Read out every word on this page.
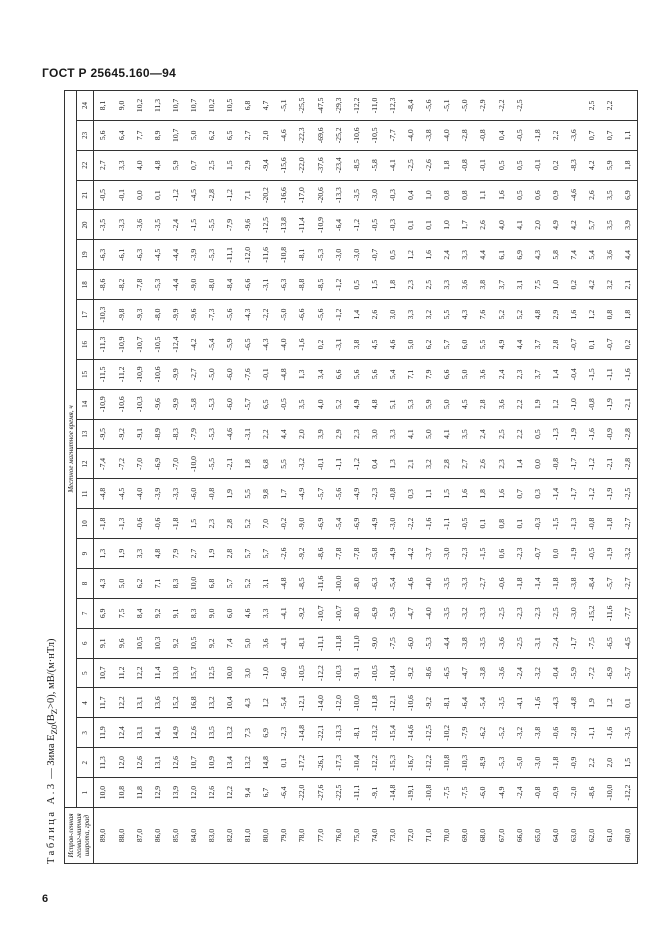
ГОСТ Р 25645.160—94
Таблица А.3 — Зима $E_{Z0}(B_Z>0)$, мВ/(м·нТл)
Исправ-ленная геомаг-нитная широта, град	Местное магнитное время, ч																							
	1	2	3	4	5	6	7	8	9	10	11	12	13	14	15	16	17	18	19	20	21	22	23	24
89,0	10,0	11,3	11,9	11,7	10,7	9,1	6,9	4,3	1,3	-1,8	-4,8	-7,4	-9,5	-10,9	-11,5	-11,3	-10,3	-8,6	-6,3	-3,5	-0,5	2,7	5,6	8,1
88,0	10,8	12,0	12,4	12,2	11,2	9,6	7,5	5,0	1,9	-1,3	-4,5	-7,2	-9,2	-10,6	-11,2	-10,9	-9,8	-8,2	-6,1	-3,3	-0,1	3,3	6,4	9,0
87,0	11,8	12,6	13,1	13,1	12,2	10,5	8,4	6,2	3,3	-0,6	-4,0	-7,0	-9,1	-10,3	-10,9	-10,7	-9,3	-7,8	-6,3	-3,6	0,0	4,0	7,7	10,2
86,0	12,9	13,1	14,1	13,6	11,4	10,3	9,2	7,1	4,8	-0,6	-3,9	-6,9	-8,9	-9,6	-10,6	-10,5	-8,0	-5,3	-4,5	-3,5	0,1	4,8	8,9	11,3
85,0	13,9	12,6	14,9	15,2	13,0	9,2	9,1	8,3	7,9	-1,8	-3,3	-7,0	-8,3	-9,9	-9,9	-12,4	-9,9	-4,4	-4,4	-2,4	-1,2	5,9	10,7	10,7
84,0	12,0	10,7	12,6	16,8	15,7	10,5	8,3	10,0	2,7	1,5	-6,0	-10,0	-7,9	-5,8	-2,7	-4,2	-9,6	-9,0	-3,9	-1,5	-4,5	0,7	5,0	10,7
83,0	12,6	10,9	13,5	13,2	12,5	9,2	9,0	6,8	1,9	2,3	-0,8	-5,5	-5,3	-5,3	-5,0	-5,4	-7,3	-8,0	-5,3	-5,5	-2,8	2,5	6,2	10,2
82,0	12,2	13,4	13,2	10,4	10,0	7,4	6,0	5,7	2,8	2,8	1,9	-2,1	-4,6	-6,0	-6,0	-5,9	-5,6	-8,4	-11,1	-7,9	-1,2	1,5	6,5	10,5
81,0	9,4	13,2	7,3	4,3	3,0	5,0	4,6	5,2	5,7	5,2	5,5	1,8	-3,1	-5,7	-7,6	-6,5	-4,3	-6,6	-12,0	-9,6	7,1	2,9	2,7	6,8
80,0	6,7	14,8	6,9	1,2	-1,0	3,6	3,3	3,1	5,7	7,0	9,8	6,8	2,2	6,5	-0,1	-4,3	-2,2	-3,1	-11,6	-12,5	-20,2	-9,4	2,0	4,7
79,0	-6,4	0,1	-2,3	-5,4	-6,0	-4,1	-4,1	-4,8	-2,6	-0,2	1,7	5,5	4,4	-0,5	-4,8	-4,0	-5,0	-6,3	-10,8	-13,8	-16,6	-15,6	-4,6	-5,1
78,0	-22,0	-17,2	-14,8	-12,1	-10,5	-8,1	-9,2	-8,5	-9,2	-9,0	-4,9	-3,2	2,0	3,5	1,3	-1,6	-6,6	-8,8	-8,1	-11,4	-17,0	-22,0	-22,3	-25,5
77,0	-27,6	-26,1	-22,1	-14,0	-12,2	-11,1	-10,7	-11,6	-8,6	-6,9	-5,7	-0,1	3,9	4,0	3,4	0,2	-5,6	-8,5	-5,3	-10,9	-20,6	-37,6	-69,6	-47,5
76,0	-22,5	-17,3	-13,3	-12,0	-10,3	-11,8	-10,7	-10,0	-7,8	-5,4	-5,6	-1,1	2,9	5,2	6,6	-3,1	-1,2	-1,2	-3,0	-6,4	-13,3	-23,4	-25,2	-29,3
75,0	-11,1	-10,4	-8,1	-10,0	-9,1	-11,0	-8,0	-8,0	-7,8	-6,9	-4,9	-1,2	2,3	4,9	5,6	3,8	1,4	0,5	-3,0	-1,2	-3,5	-8,5	-10,6	-12,2
74,0	-9,1	-12,2	-13,2	-11,8	-10,5	-9,0	-6,9	-6,3	-5,8	-4,9	-2,3	0,4	3,0	4,8	5,6	4,5	2,6	1,5	-0,7	-0,5	-3,0	-5,8	-10,5	-11,0
73,0	-14,8	-15,3	-15,4	-12,1	-10,4	-7,5	-5,9	-5,4	-4,9	-3,0	-0,8	1,3	3,3	5,1	5,4	4,6	3,0	1,8	0,5	-0,3	-0,3	-4,1	-7,7	-12,3
72,0	-19,1	-16,7	-14,6	-10,6	-9,2	-6,0	-4,7	-4,6	-4,2	-2,2	0,3	2,1	4,1	5,3	7,1	5,0	3,3	2,3	1,2	0,1	0,4	-2,5	-4,0	-8,4
71,0	-10,8	-12,2	-12,5	-9,2	-8,6	-5,3	-4,0	-4,0	-3,7	-1,6	1,1	3,2	5,0	5,9	7,9	6,2	3,2	2,5	1,6	0,1	1,0	-2,6	-3,8	-5,6
70,0	-7,5	-10,8	-10,2	-8,1	-6,5	-4,4	-3,5	-3,5	-3,0	-1,1	1,5	2,8	4,1	5,0	6,6	5,7	5,5	3,3	2,4	1,0	0,8	1,8	-4,0	-5,1
69,0	-7,5	-10,3	-7,9	-6,4	-4,7	-3,8	-3,2	-3,3	-2,3	-0,5	1,6	2,7	3,5	4,5	5,0	6,0	4,3	3,6	3,3	1,7	0,8	-0,8	-2,8	-5,0
68,0	-6,0	-8,9	-6,2	-5,4	-3,8	-3,5	-3,3	-2,7	-1,5	0,1	1,8	2,6	2,4	2,8	3,6	5,5	7,6	3,8	4,4	2,6	1,1	-0,1	-0,8	-2,9
67,0	-4,9	-5,3	-5,2	-3,5	-3,6	-3,6	-2,5	-0,6	0,6	0,8	1,6	2,3	2,5	3,6	2,4	4,9	5,2	3,7	6,1	4,0	1,6	0,5	0,4	-2,2
66,0	-2,4	-5,0	-3,2	-4,1	-2,4	-2,5	-2,3	-1,8	-2,3	0,1	0,7	1,4	2,2	2,2	2,3	4,4	5,2	3,1	6,9	4,1	0,5	0,5	-0,5	-2,5
65,0	-0,8	-3,0	-3,8	-1,6	-3,2	-3,1	-2,3	-1,4	-0,7	-0,3	0,3	0,0	0,5	1,9	3,7	3,7	4,8	7,5	4,3	2,0	0,6	-0,1	-1,8	
64,0	-0,9	-1,8	-0,6	-4,3	-0,4	-2,4	-2,5	-1,8	0,0	-1,5	-1,4	-0,8	-1,3	1,2	1,4	2,8	2,9	1,0	5,8	4,9	0,9	0,2	2,2	
63,0	-2,0	-0,9	-2,8	-4,8	-5,9	-1,7	-3,0	-3,8	-1,9	-1,3	-1,7	-1,7	-1,9	-1,0	-0,4	-0,7	1,6	0,2	7,4	4,2	-4,6	-8,3	-3,6	
62,0	-8,6	2,2	-1,1	1,9	-7,2	-7,5	-15,2	-8,4	-0,5	-0,8	-1,2	-1,2	-1,6	-0,8	-1,5	0,1	1,2	4,2	5,4	5,7	2,6	4,2	0,7	2,5
61,0	-10,0	2,0	-1,6	1,2	-6,9	-6,5	-11,6	-5,7	-1,9	-1,8	-1,9	-2,1	-0,9	-1,9	-1,1	-0,7	0,8	3,2	3,6	3,5	3,5	5,9	0,7	2,2
60,0	-12,2	1,5	-3,5	0,1	-5,7	-4,5	-7,7	-2,7	-3,2	-2,7	-2,5	-2,8	-2,8	-2,1	-1,6	0,2	1,8	2,1	4,4	3,9	6,9	1,8	1,1	
6
